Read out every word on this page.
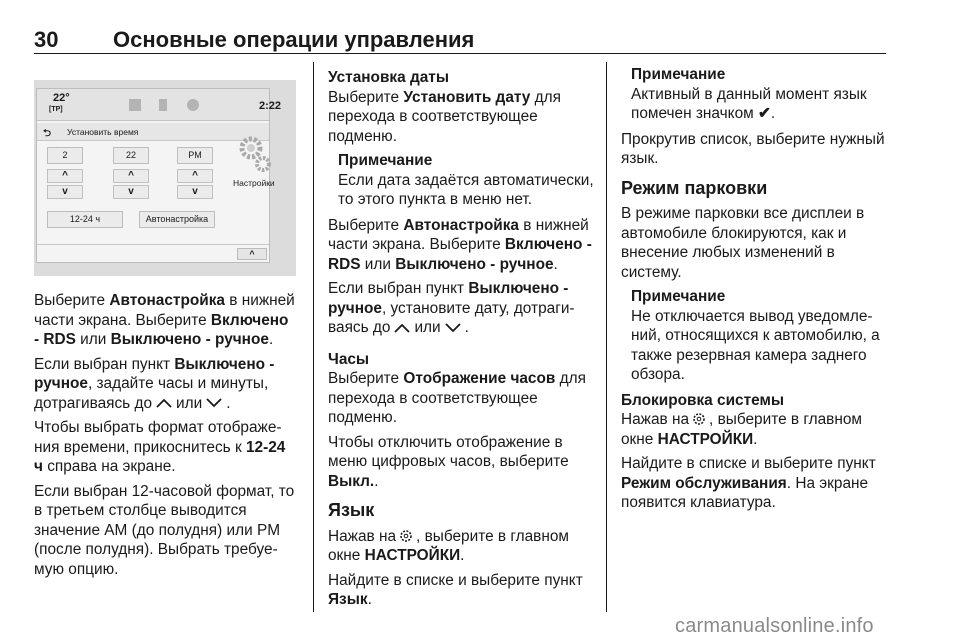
30 Основные операции управления
22°
[TP]	2:22
⮌ Установить время
2	22	PM
^	^	^
v	v	v
12-24 ч	Автонастройка
Настройки
^

Выберите Автонастройка в нижней части экрана. Выберите Включено - RDS или Выключено - ручное.

Если выбран пункт Выключено - ручное, задайте часы и минуты, дотрагиваясь до или .

Чтобы выбрать формат отображения времени, прикоснитесь к 12-24 ч справа на экране.

Если выбран 12-часовой формат, то в третьем столбце выводится значение AM (до полудня) или PM (после полудня). Выбрать требуемую опцию.

Установка даты

Выберите Установить дату для перехода в соответствующее подменю.

Примечание
Если дата задаётся автоматически, то этого пункта в меню нет.

Выберите Автонастройка в нижней части экрана. Выберите Включено - RDS или Выключено - ручное.

Если выбран пункт Выключено - ручное, установите дату, дотрагиваясь до или .

Часы

Выберите Отображение часов для перехода в соответствующее подменю.

Чтобы отключить отображение в меню цифровых часов, выберите Выкл..

Язык

Нажав на , выберите в главном окне НАСТРОЙКИ.

Найдите в списке и выберите пункт Язык.

Примечание
Активный в данный момент язык помечен значком ✔.

Прокрутив список, выберите нужный язык.

Режим парковки

В режиме парковки все дисплеи в автомобиле блокируются, как и внесение любых изменений в систему.

Примечание
Не отключается вывод уведомлений, относящихся к автомобилю, а также резервная камера заднего обзора.
Блокировка системы

Нажав на , выберите в главном окне НАСТРОЙКИ.

Найдите в списке и выберите пункт Режим обслуживания. На экране появится клавиатура.

carmanualsonline.info
